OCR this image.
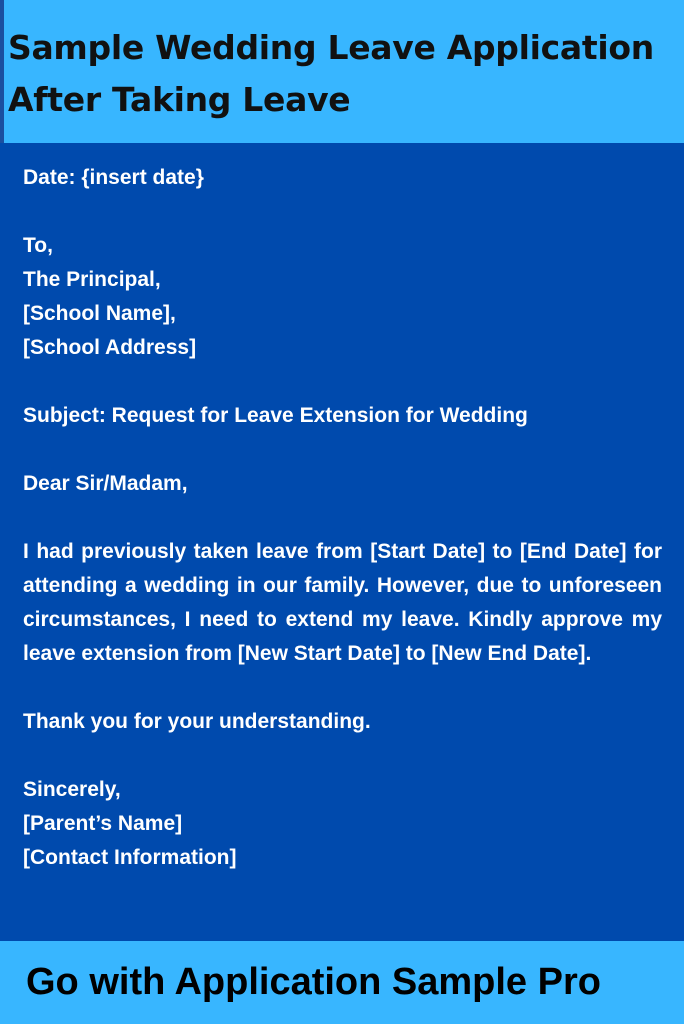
Sample Wedding Leave Application
After Taking Leave
Date: {insert date}
To,
The Principal,
[School Name],
[School Address]
Subject: Request for Leave Extension for Wedding
Dear Sir/Madam,
I had previously taken leave from [Start Date] to [End Date] for attending a wedding in our family. However, due to unforeseen circumstances, I need to extend my leave. Kindly approve my leave extension from [New Start Date] to [New End Date].
Thank you for your understanding.
Sincerely,
[Parent’s Name]
[Contact Information]

Go with Application Sample Pro
